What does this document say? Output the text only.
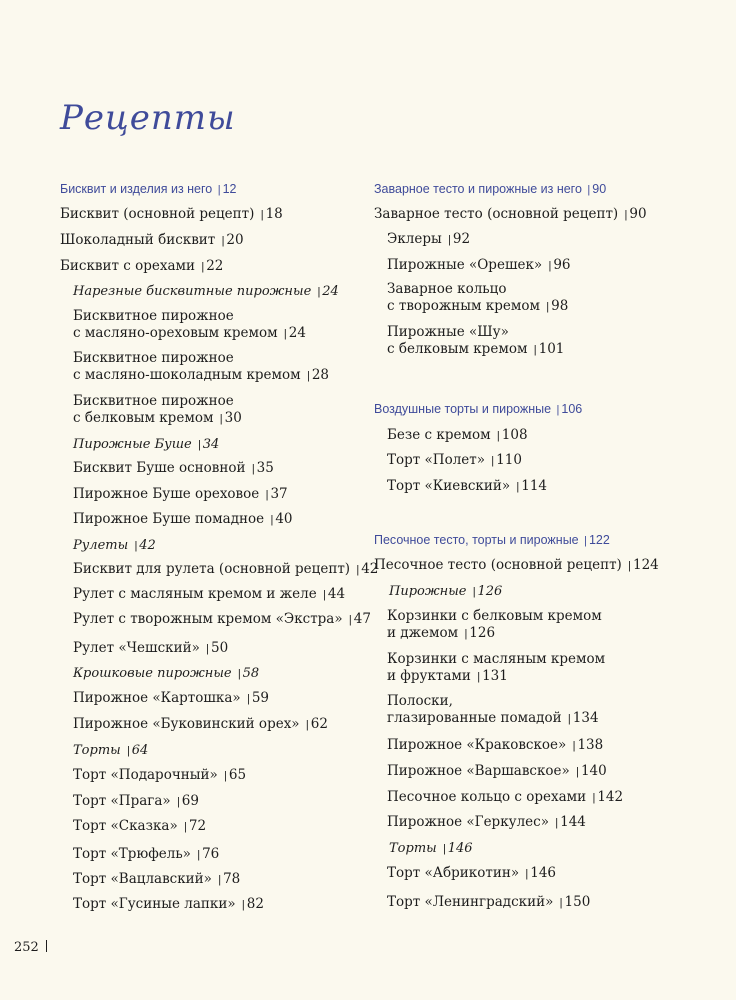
Рецепты
Бисквит и изделия из него | 12
Бисквит (основной рецепт) | 18
Шоколадный бисквит | 20
Бисквит с орехами | 22
Нарезные бисквитные пирожные | 24
Бисквитное пирожное
с масляно-ореховым кремом | 24
Бисквитное пирожное
с масляно-шоколадным кремом | 28
Бисквитное пирожное
с белковым кремом | 30
Пирожные Буше | 34
Бисквит Буше основной | 35
Пирожное Буше ореховое | 37
Пирожное Буше помадное | 40
Рулеты | 42
Бисквит для рулета (основной рецепт) | 42
Рулет с масляным кремом и желе | 44
Рулет с творожным кремом «Экстра» | 47
Рулет «Чешский» | 50
Крошковые пирожные | 58
Пирожное «Картошка» | 59
Пирожное «Буковинский орех» | 62
Торты | 64
Торт «Подарочный» | 65
Торт «Прага» | 69
Торт «Сказка» | 72
Торт «Трюфель» | 76
Торт «Вацлавский» | 78
Торт «Гусиные лапки» | 82
Заварное тесто и пирожные из него | 90
Заварное тесто (основной рецепт) | 90
Эклеры | 92
Пирожные «Орешек» | 96
Заварное кольцо
с творожным кремом | 98
Пирожные «Шу»
с белковым кремом | 101
Воздушные торты и пирожные | 106
Безе с кремом | 108
Торт «Полет» | 110
Торт «Киевский» | 114
Песочное тесто, торты и пирожные | 122
Песочное тесто (основной рецепт) | 124
Пирожные | 126
Корзинки с белковым кремом
и джемом | 126
Корзинки с масляным кремом
и фруктами | 131
Полоски,
глазированные помадой | 134
Пирожное «Краковское» | 138
Пирожное «Варшавское» | 140
Песочное кольцо с орехами | 142
Пирожное «Геркулес» | 144
Торты | 146
Торт «Абрикотин» | 146
Торт «Ленинградский» | 150
252
